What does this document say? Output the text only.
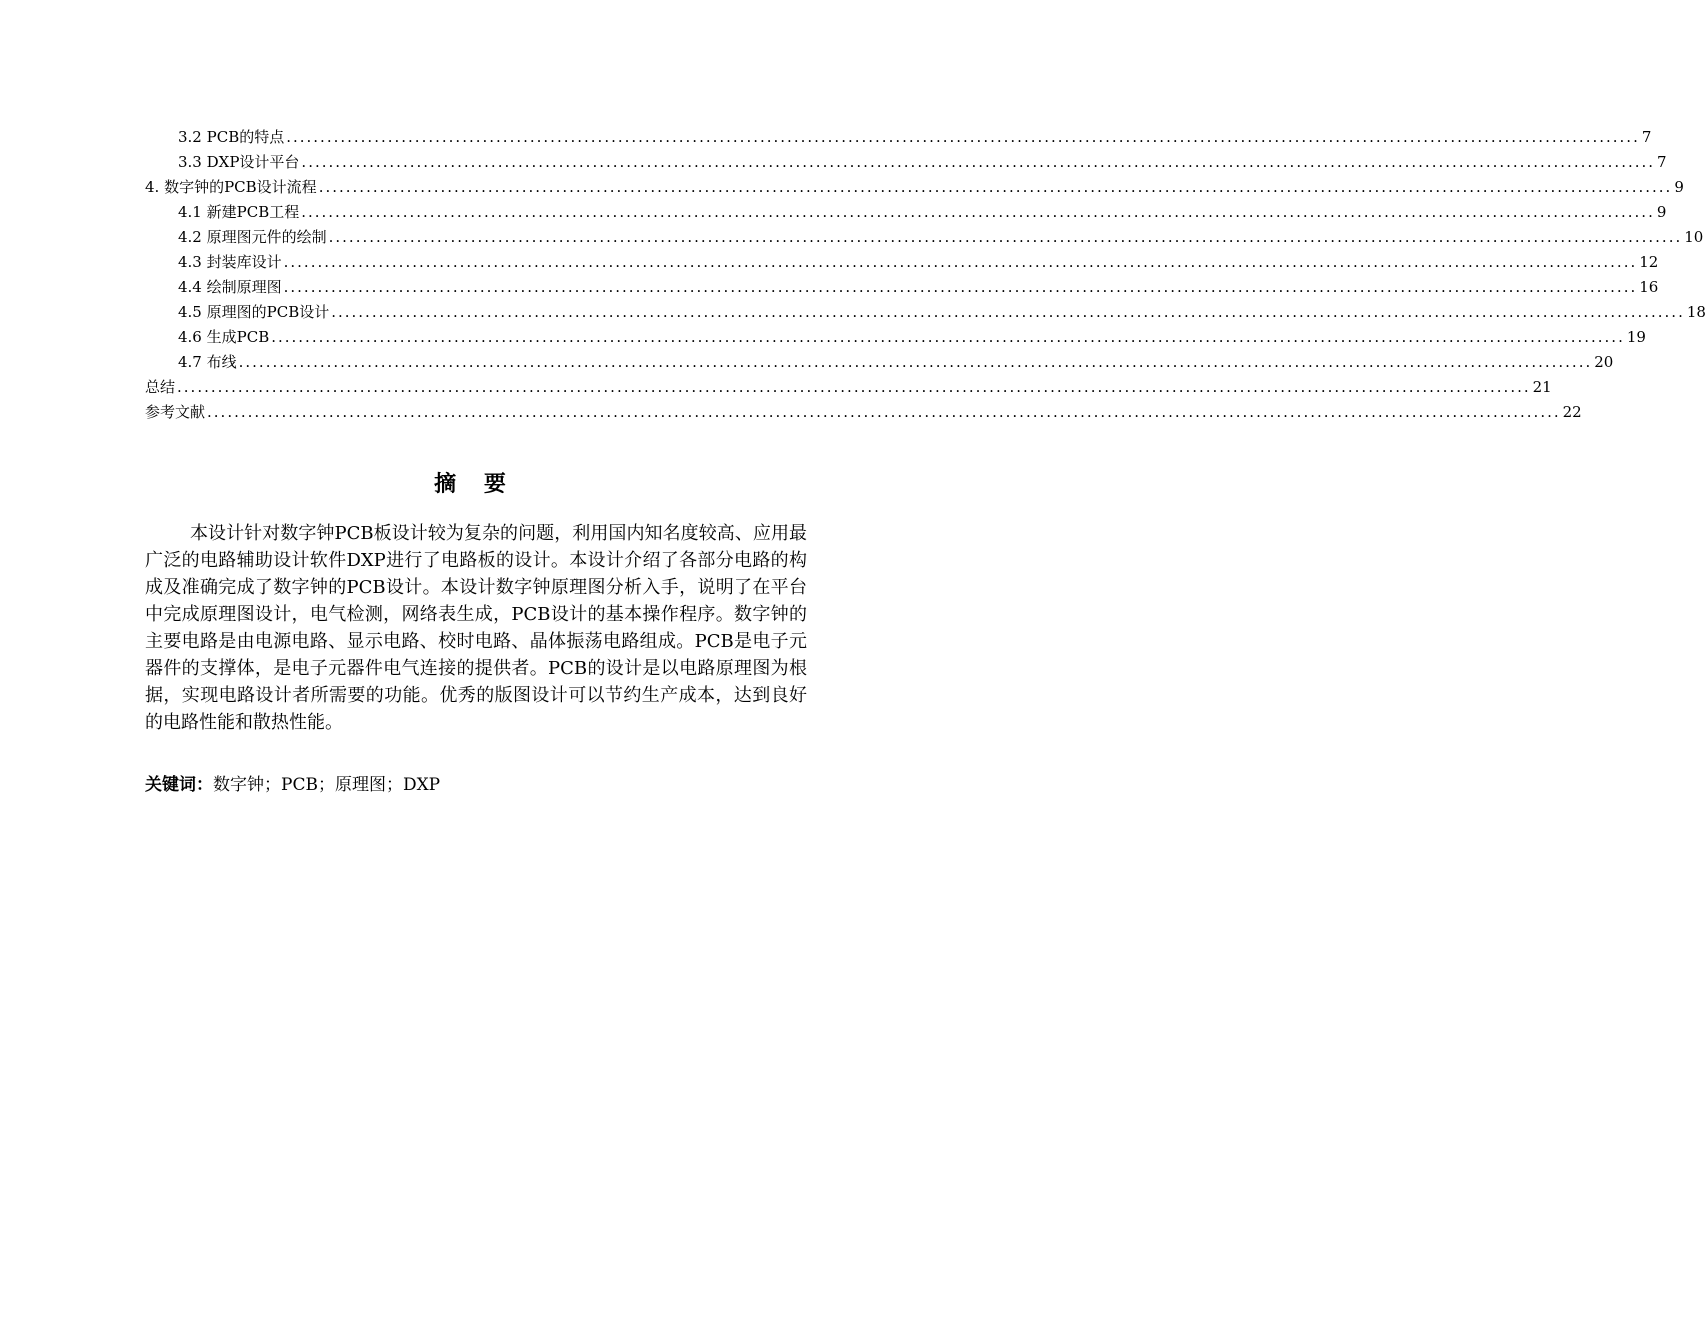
3.2 PCB的特点 ........................................................................................................................................................................................................ 7
3.3 DXP设计平台 ........................................................................................................................................................................................................ 7
4. 数字钟的PCB设计流程 ........................................................................................................................................................................................................ 9
4.1 新建PCB工程 ........................................................................................................................................................................................................ 9
4.2 原理图元件的绘制 ........................................................................................................................................................................................................ 10
4.3 封装库设计 ........................................................................................................................................................................................................ 12
4.4 绘制原理图 ........................................................................................................................................................................................................ 16
4.5 原理图的PCB设计 ........................................................................................................................................................................................................ 18
4.6 生成PCB ........................................................................................................................................................................................................ 19
4.7 布线 ........................................................................................................................................................................................................ 20
总结 ........................................................................................................................................................................................................ 21
参考文献 ........................................................................................................................................................................................................ 22
摘 要

本设计针对数字钟PCB板设计较为复杂的问题，利用国内知名度较高、应用最广泛的电路辅助设计软件DXP进行了电路板的设计。本设计介绍了各部分电路的构成及准确完成了数字钟的PCB设计。本设计数字钟原理图分析入手，说明了在平台中完成原理图设计，电气检测，网络表生成，PCB设计的基本操作程序。数字钟的主要电路是由电源电路、显示电路、校时电路、晶体振荡电路组成。PCB是电子元器件的支撑体，是电子元器件电气连接的提供者。PCB的设计是以电路原理图为根据，实现电路设计者所需要的功能。优秀的版图设计可以节约生产成本，达到良好的电路性能和散热性能。

关键词：数字钟；PCB；原理图；DXP
